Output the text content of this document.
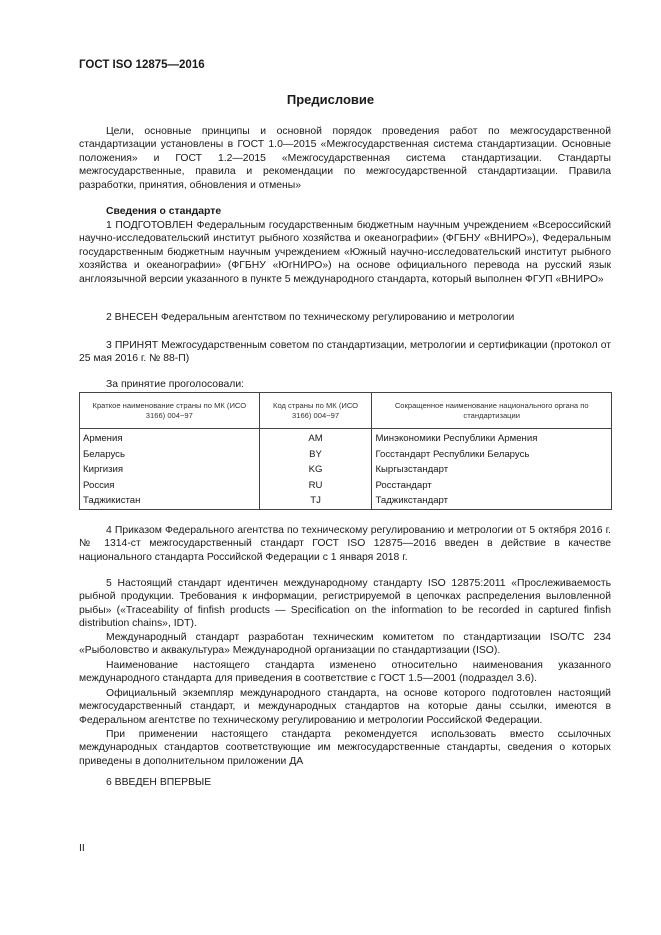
ГОСТ ISO 12875—2016
Предисловие
Цели, основные принципы и основной порядок проведения работ по межгосударственной стандартизации установлены в ГОСТ 1.0—2015 «Межгосударственная система стандартизации. Основные положения» и ГОСТ 1.2—2015 «Межгосударственная система стандартизации. Стандарты межгосударственные, правила и рекомендации по межгосударственной стандартизации. Правила разработки, принятия, обновления и отмены»
Сведения о стандарте
1 ПОДГОТОВЛЕН Федеральным государственным бюджетным научным учреждением «Всероссийский научно-исследовательский институт рыбного хозяйства и океанографии» (ФГБНУ «ВНИРО»), Федеральным государственным бюджетным научным учреждением «Южный научно-исследовательский институт рыбного хозяйства и океанографии» (ФГБНУ «ЮгНИРО») на основе официального перевода на русский язык англоязычной версии указанного в пункте 5 международного стандарта, который выполнен ФГУП «ВНИРО»
2 ВНЕСЕН Федеральным агентством по техническому регулированию и метрологии
3 ПРИНЯТ Межгосударственным советом по стандартизации, метрологии и сертификации (протокол от 25 мая 2016 г. № 88-П)
За принятие проголосовали:
Краткое наименование страны по МК (ИСО 3166) 004−97	Код страны по МК (ИСО 3166) 004−97	Сокращенное наименование национального органа по стандартизации
Армения	AM	Минэкономики Республики Армения
Беларусь	BY	Госстандарт Республики Беларусь
Киргизия	KG	Кыргызстандарт
Россия	RU	Росстандарт
Таджикистан	TJ	Таджикстандарт
4 Приказом Федерального агентства по техническому регулированию и метрологии от 5 октября 2016 г. № 1314-ст межгосударственный стандарт ГОСТ ISO 12875—2016 введен в действие в качестве национального стандарта Российской Федерации с 1 января 2018 г.
5 Настоящий стандарт идентичен международному стандарту ISO 12875:2011 «Прослеживаемость рыбной продукции. Требования к информации, регистрируемой в цепочках распределения выловленной рыбы» («Traceability of finfish products — Specification on the information to be recorded in captured finfish distribution chains», IDT).
Международный стандарт разработан техническим комитетом по стандартизации ISO/TC 234 «Рыболовство и аквакультура» Международной организации по стандартизации (ISO).
Наименование настоящего стандарта изменено относительно наименования указанного международного стандарта для приведения в соответствие с ГОСТ 1.5—2001 (подраздел 3.6).
Официальный экземпляр международного стандарта, на основе которого подготовлен настоящий межгосударственный стандарт, и международных стандартов на которые даны ссылки, имеются в Федеральном агентстве по техническому регулированию и метрологии Российской Федерации.
При применении настоящего стандарта рекомендуется использовать вместо ссылочных международных стандартов соответствующие им межгосударственные стандарты, сведения о которых приведены в дополнительном приложении ДА
6 ВВЕДЕН ВПЕРВЫЕ
II
